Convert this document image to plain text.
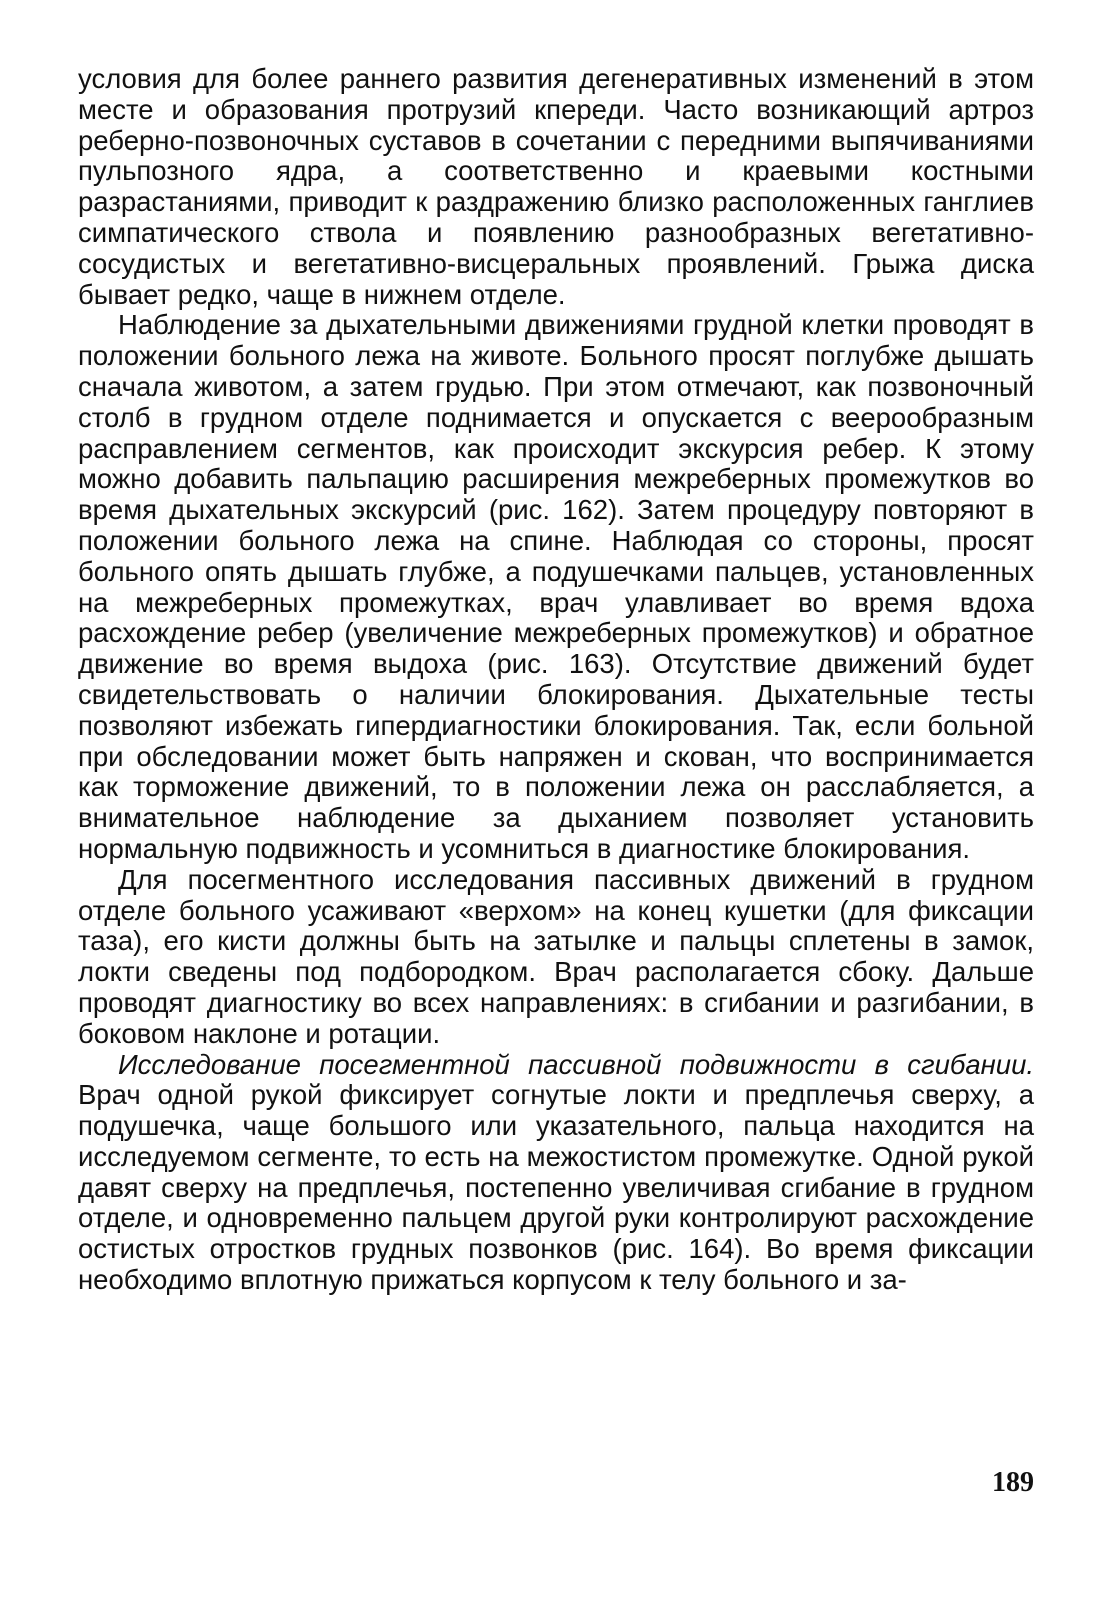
условия для более раннего развития дегенеративных изменений в этом месте и образования протрузий кпереди. Часто возникающий артроз реберно-позвоночных суставов в сочетании с передними выпячиваниями пульпозного ядра, а соответственно и краевыми костными разрастаниями, приводит к раздражению близко расположенных ганглиев симпатического ствола и появлению разнообразных вегетативно-сосудистых и вегетативно-висцеральных проявлений. Грыжа диска бывает редко, чаще в нижнем отделе.

Наблюдение за дыхательными движениями грудной клетки проводят в положении больного лежа на животе. Больного просят поглубже дышать сначала животом, а затем грудью. При этом отмечают, как позвоночный столб в грудном отделе поднимается и опускается с веерообразным расправлением сегментов, как происходит экскурсия ребер. К этому можно добавить пальпацию расширения межреберных промежутков во время дыхательных экскурсий (рис. 162). Затем процедуру повторяют в положении больного лежа на спине. Наблюдая со стороны, просят больного опять дышать глубже, а подушечками пальцев, установленных на межреберных промежутках, врач улавливает во время вдоха расхождение ребер (увеличение межреберных промежутков) и обратное движение во время выдоха (рис. 163). Отсутствие движений будет свидетельствовать о наличии блокирования. Дыхательные тесты позволяют избежать гипердиагностики блокирования. Так, если больной при обследовании может быть напряжен и скован, что воспринимается как торможение движений, то в положении лежа он расслабляется, а внимательное наблюдение за дыханием позволяет установить нормальную подвижность и усомниться в диагностике блокирования.

Для посегментного исследования пассивных движений в грудном отделе больного усаживают «верхом» на конец кушетки (для фиксации таза), его кисти должны быть на затылке и пальцы сплетены в замок, локти сведены под подбородком. Врач располагается сбоку. Дальше проводят диагностику во всех направлениях: в сгибании и разгибании, в боковом наклоне и ротации.

Исследование посегментной пассивной подвижности в сгибании. Врач одной рукой фиксирует согнутые локти и предплечья сверху, а подушечка, чаще большого или указательного, пальца находится на исследуемом сегменте, то есть на межостистом промежутке. Одной рукой давят сверху на предплечья, постепенно увеличивая сгибание в грудном отделе, и одновременно пальцем другой руки контролируют расхождение остистых отростков грудных позвонков (рис. 164). Во время фиксации необходимо вплотную прижаться корпусом к телу больного и за-

189
